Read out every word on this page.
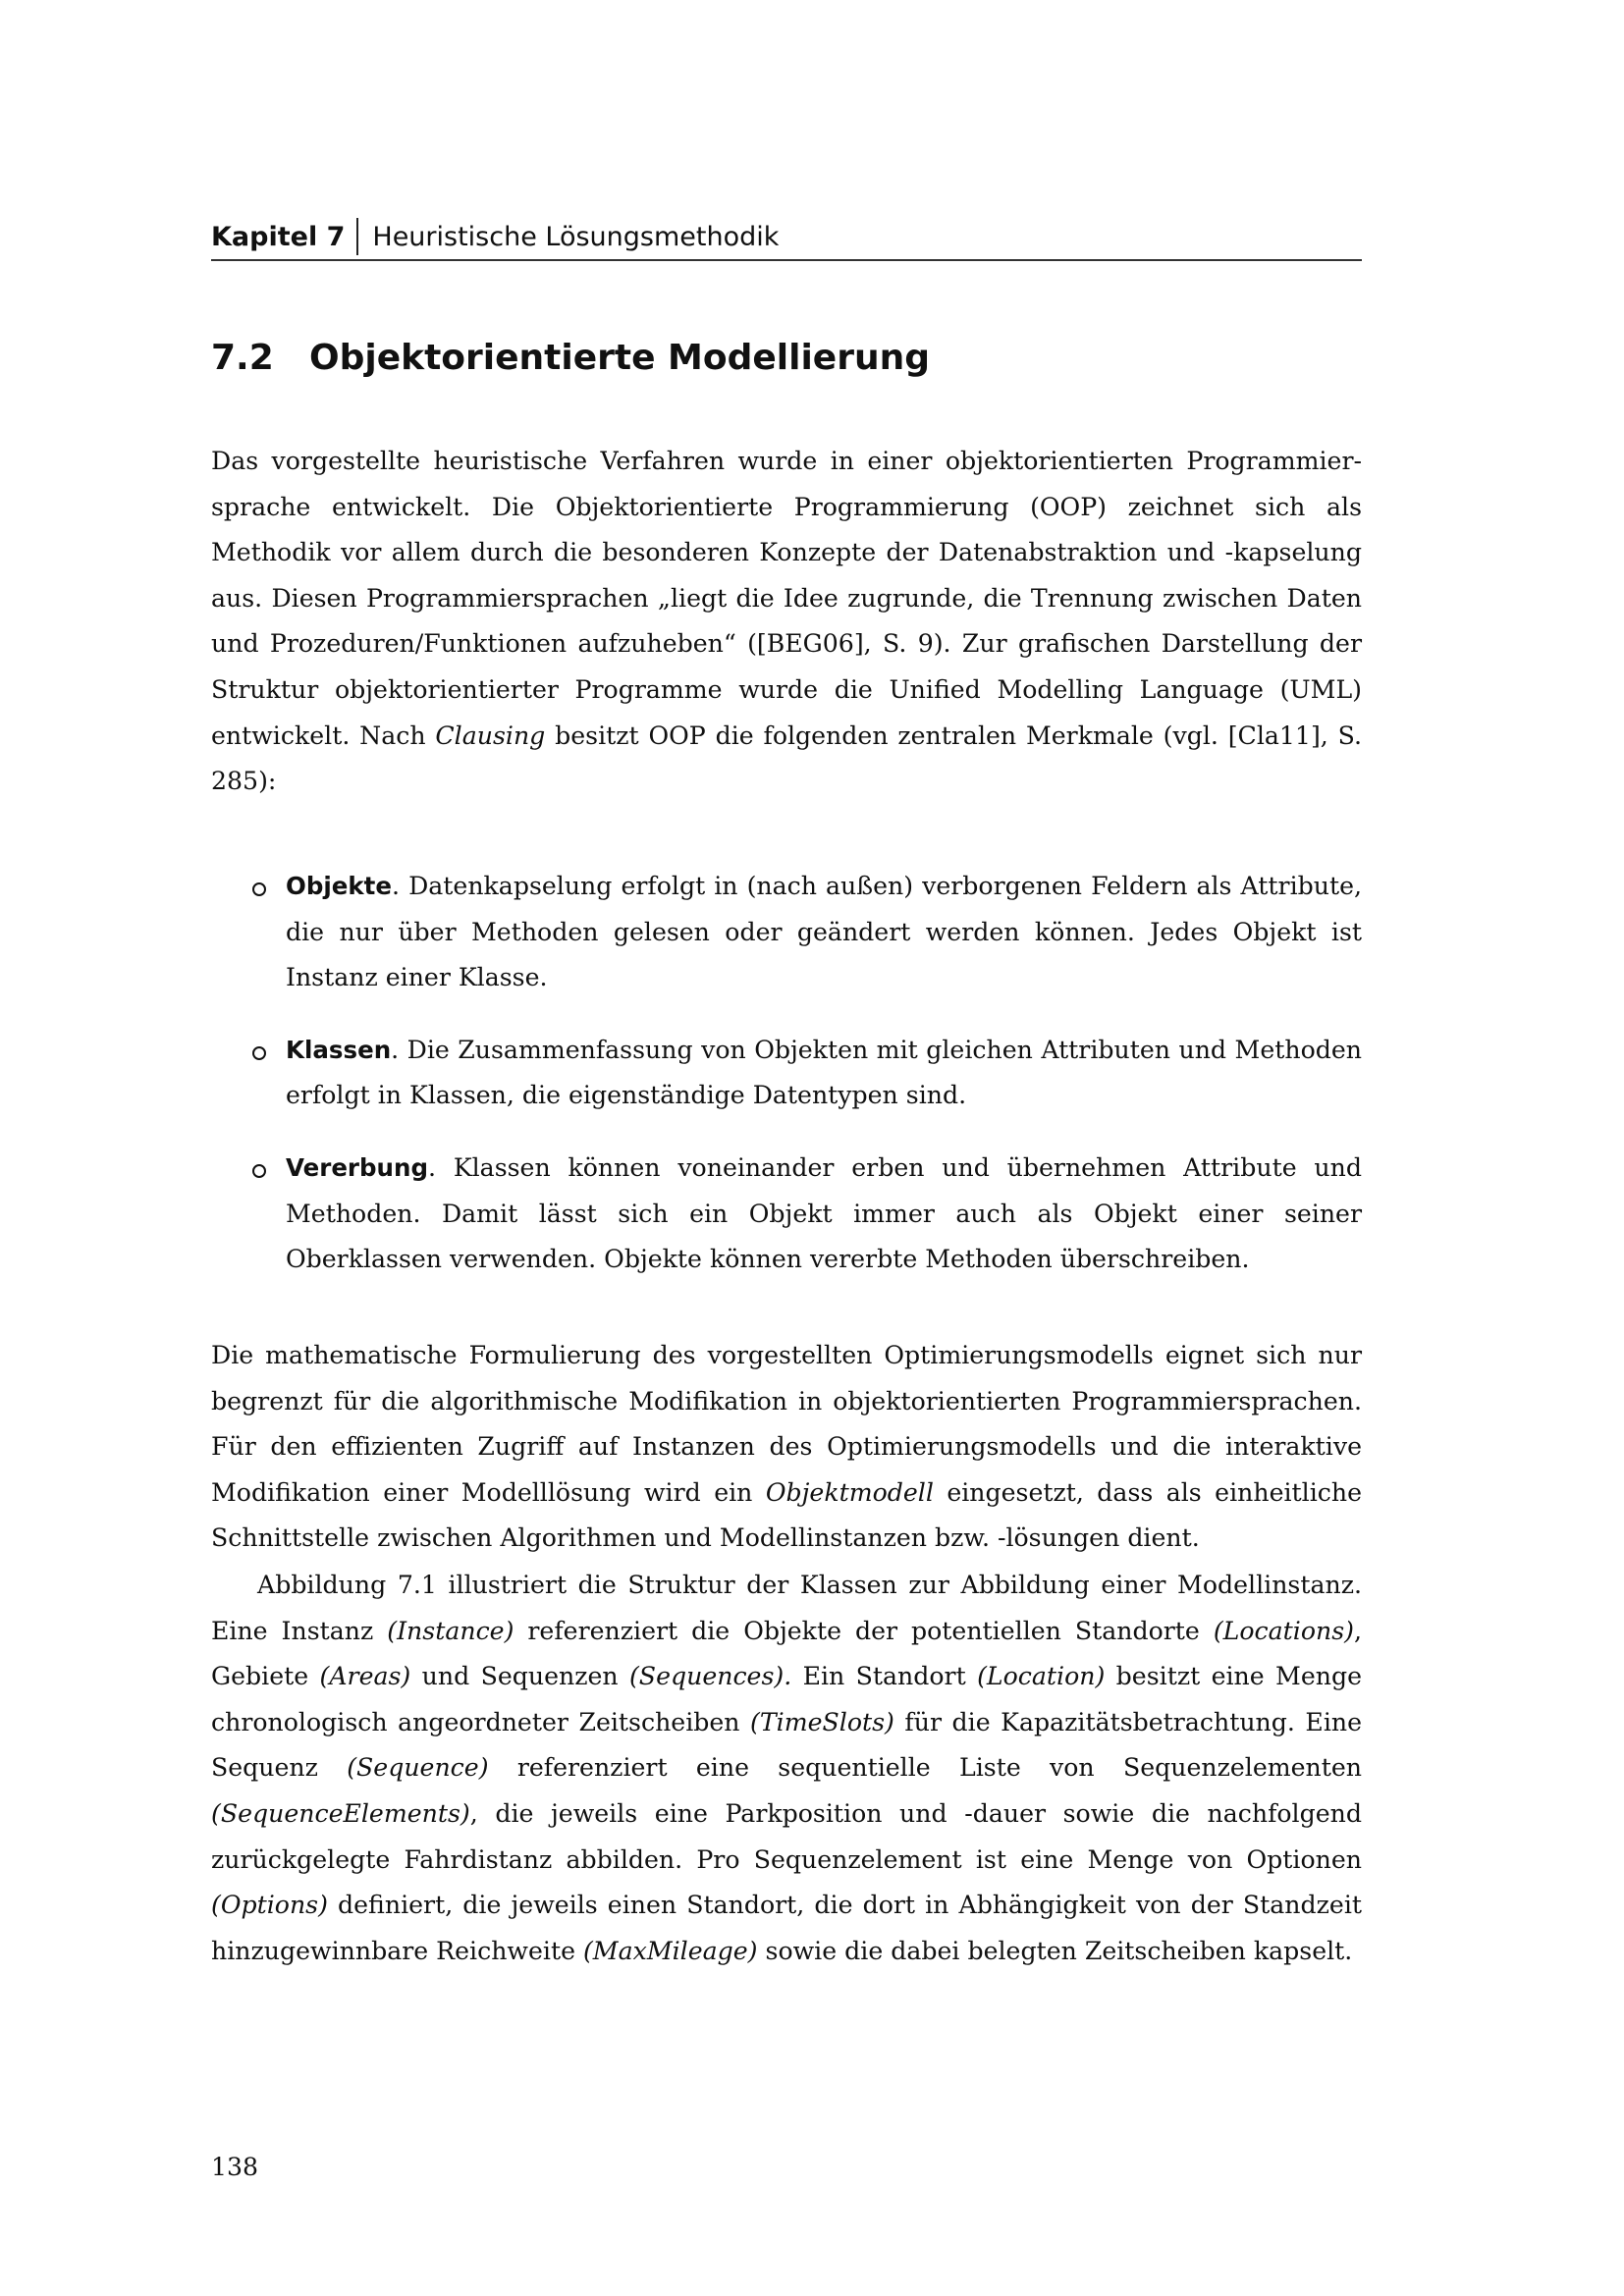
Kapitel 7 Heuristische Lösungsmethodik
7.2 Objektorientierte Modellierung

Das vorgestellte heuristische Verfahren wurde in einer objektorientierten Programmiersprache entwickelt. Die Objektorientierte Programmierung (OOP) zeichnet sich als Methodik vor allem durch die besonderen Konzepte der Datenabstraktion und -kapselung aus. Diesen Programmiersprachen „liegt die Idee zugrunde, die Trennung zwischen Daten und Prozeduren/Funktionen aufzuheben“ ([BEG06], S. 9). Zur grafischen Darstellung der Struktur objektorientierter Programme wurde die Unified Modelling Language (UML) entwickelt. Nach Clausing besitzt OOP die folgenden zentralen Merkmale (vgl. [Cla11], S. 285):

Objekte. Datenkapselung erfolgt in (nach außen) verborgenen Feldern als Attribute, die nur über Methoden gelesen oder geändert werden können. Jedes Objekt ist Instanz einer Klasse.
Klassen. Die Zusammenfassung von Objekten mit gleichen Attributen und Methoden erfolgt in Klassen, die eigenständige Datentypen sind.
Vererbung. Klassen können voneinander erben und übernehmen Attribute und Methoden. Damit lässt sich ein Objekt immer auch als Objekt einer seiner Oberklassen verwenden. Objekte können vererbte Methoden überschreiben.

Die mathematische Formulierung des vorgestellten Optimierungsmodells eignet sich nur begrenzt für die algorithmische Modifikation in objektorientierten Programmiersprachen. Für den effizienten Zugriff auf Instanzen des Optimierungsmodells und die interaktive Modifikation einer Modelllösung wird ein Objektmodell eingesetzt, dass als einheitliche Schnittstelle zwischen Algorithmen und Modellinstanzen bzw. -lösungen dient.

Abbildung 7.1 illustriert die Struktur der Klassen zur Abbildung einer Modellinstanz. Eine Instanz (Instance) referenziert die Objekte der potentiellen Standorte (Locations), Gebiete (Areas) und Sequenzen (Sequences). Ein Standort (Location) besitzt eine Menge chronologisch angeordneter Zeitscheiben (TimeSlots) für die Kapazitätsbetrachtung. Eine Sequenz (Sequence) referenziert eine sequentielle Liste von Sequenzelementen (SequenceElements), die jeweils eine Parkposition und -dauer sowie die nachfolgend zurückgelegte Fahrdistanz abbilden. Pro Sequenzelement ist eine Menge von Optionen (Options) definiert, die jeweils einen Standort, die dort in Abhängigkeit von der Standzeit hinzugewinnbare Reichweite (MaxMileage) sowie die dabei belegten Zeitscheiben kapselt.

138
